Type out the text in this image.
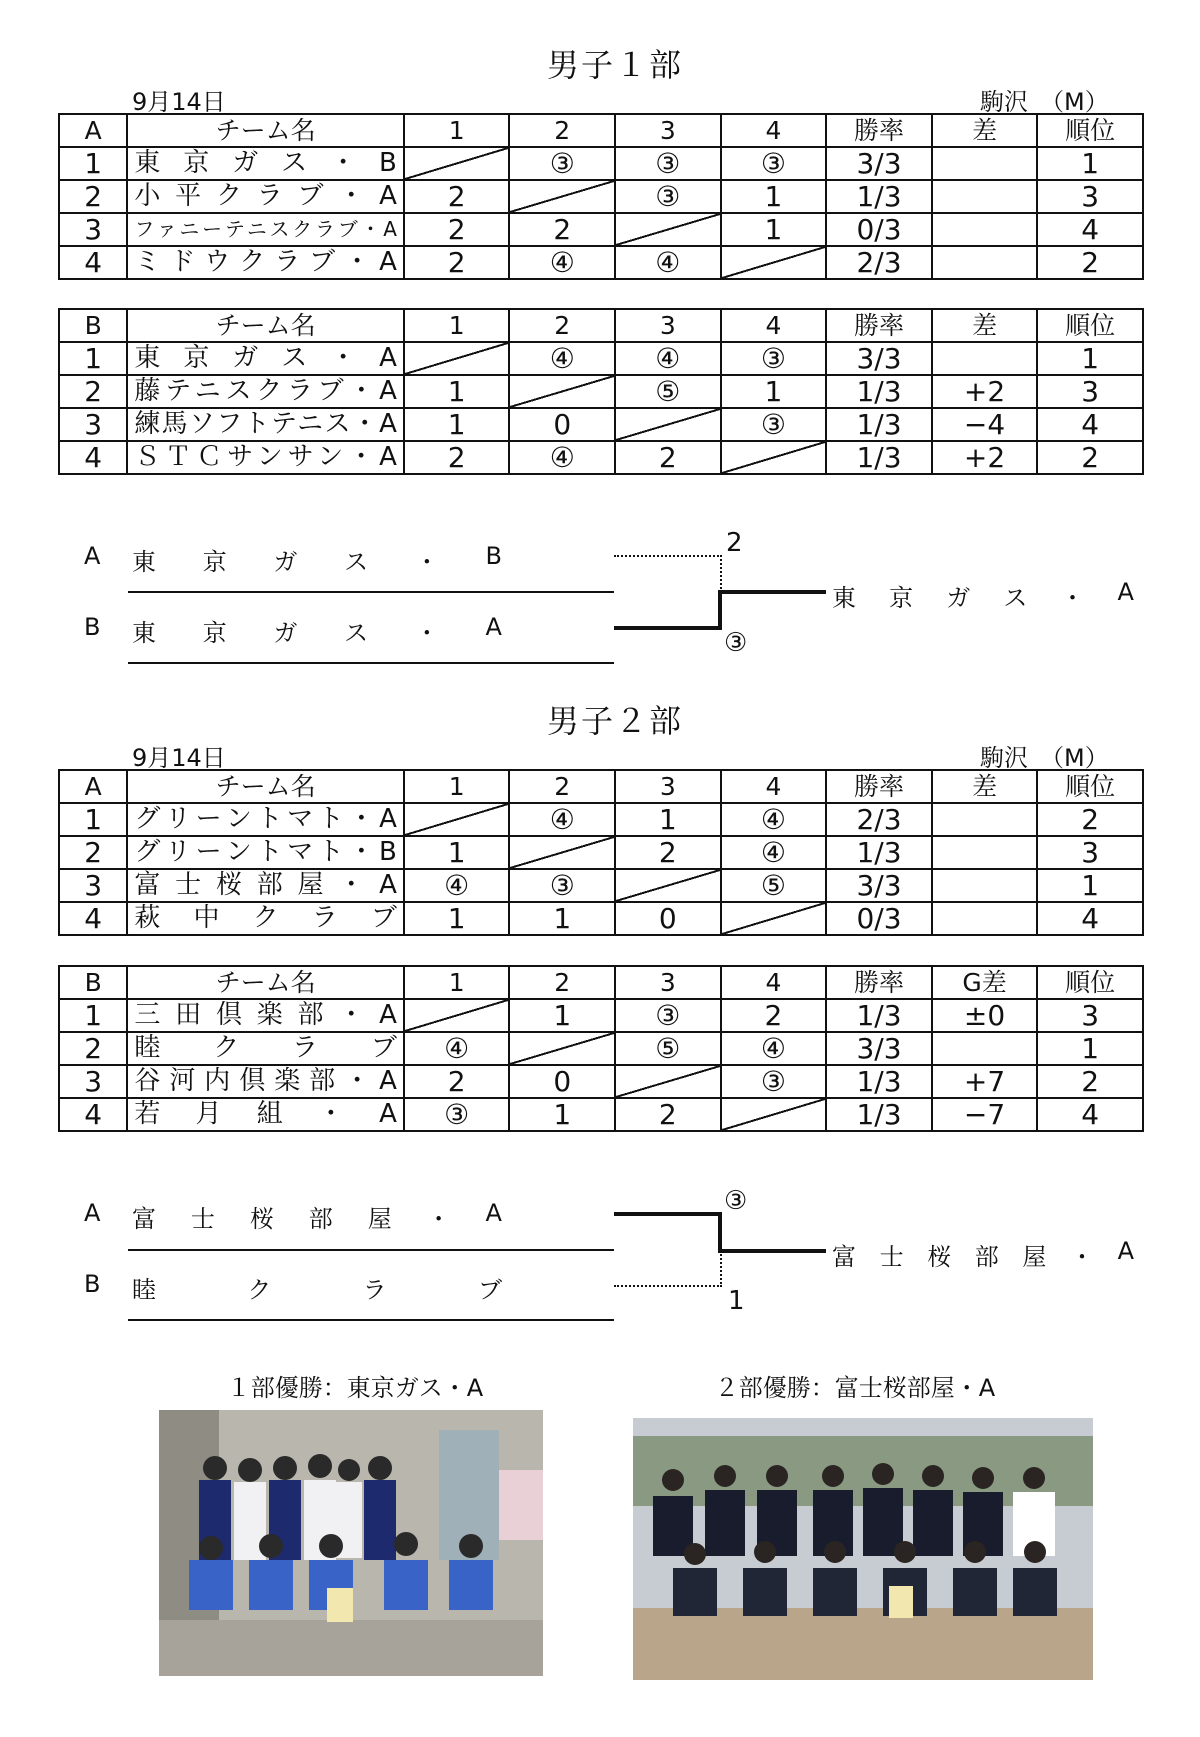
男子１部
9月14日	駒沢　（M）
A	チーム名	1	2	3	4	勝率	差	順位
1	東京ガス・B		③	③	③	3/3		1
2	小平クラブ・A	2		③	1	1/3		3
3	ファニーテニスクラブ・A	2	2		1	0/3		4
4	ミドウクラブ・A	2	④	④		2/3		2
B	チーム名	1	2	3	4	勝率	差	順位
1	東京ガス・A		④	④	③	3/3		1
2	藤テニスクラブ・A	1		⑤	1	1/3	+2	3
3	練馬ソフトテニス・A	1	0		③	1/3	−4	4
4	ＳＴＣサンサン・A	2	④	2		1/3	+2	2
A 東 京 ガ ス ・ B
B 東 京 ガ ス ・ A
2
③
東 京 ガ ス ・ A
男子２部
9月14日	駒沢　（M）
A	チーム名	1	2	3	4	勝率	差	順位
1	グリーントマト・A		④	1	④	2/3		2
2	グリーントマト・B	1		2	④	1/3		3
3	富士桜部屋・A	④	③		⑤	3/3		1
4	萩中クラブ	1	1	0		0/3		4
B	チーム名	1	2	3	4	勝率	G差	順位
1	三田倶楽部・A		1	③	2	1/3	±0	3
2	睦クラブ	④		⑤	④	3/3		1
3	谷河内倶楽部・A	2	0		③	1/3	+7	2
4	若月組・A	③	1	2		1/3	−7	4
A 富 士 桜 部 屋 ・ A
B 睦	ク	ラ	ブ
③
1
富 士 桜 部 屋 ・ A
１部優勝：東京ガス・A	２部優勝：富士桜部屋・A
